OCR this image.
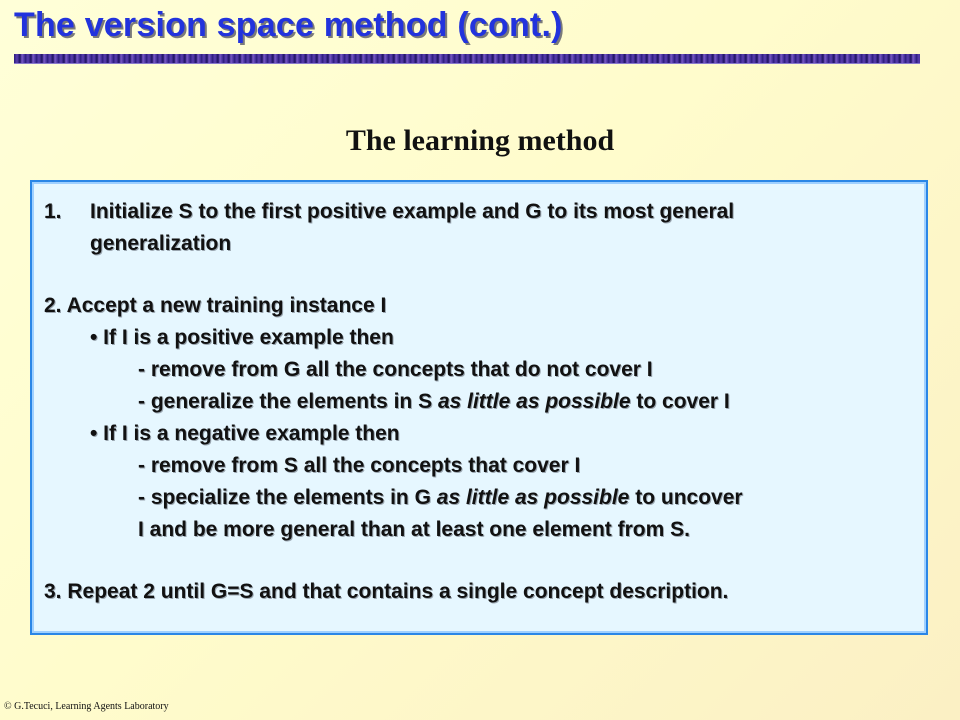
The version space method (cont.)
The learning method
1. Initialize S to the first positive example and G to its most general
generalization
2. Accept a new training instance I
• If I is a positive example then
- remove from G all the concepts that do not cover I
- generalize the elements in S as little as possible to cover I
• If I is a negative example then
- remove from S all the concepts that cover I
- specialize the elements in G as little as possible to uncover
I and be more general than at least one element from S.
3. Repeat 2 until G=S and that contains a single concept description.
© G.Tecuci, Learning Agents Laboratory
